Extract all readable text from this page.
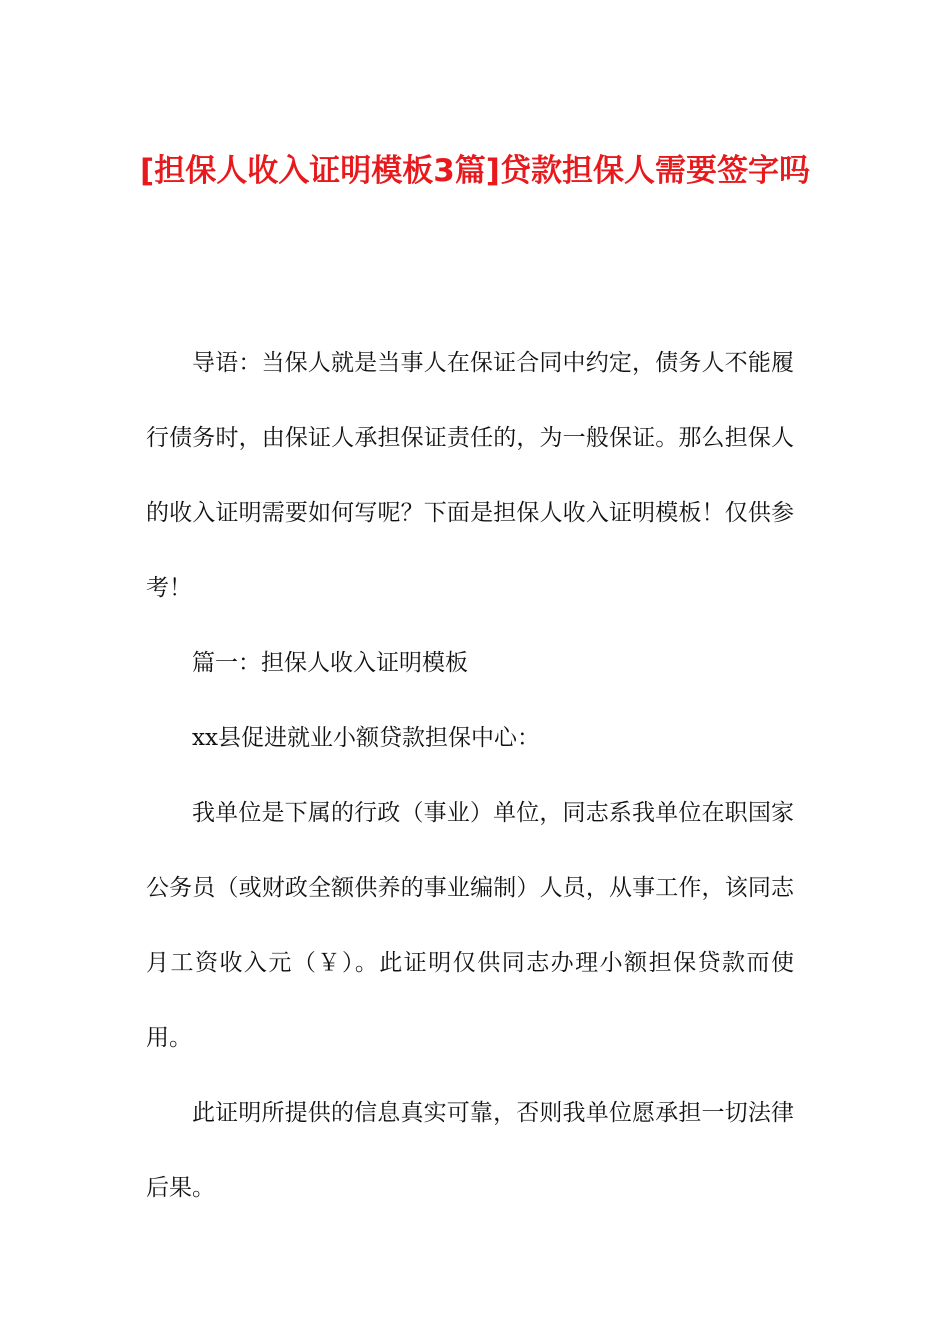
[担保人收入证明模板3篇]贷款担保人需要签字吗

导语：当保人就是当事人在保证合同中约定，债务人不能履行债务时，由保证人承担保证责任的，为一般保证。那么担保人的收入证明需要如何写呢？下面是担保人收入证明模板！仅供参考！

篇一：担保人收入证明模板

xx县促进就业小额贷款担保中心：

我单位是下属的行政（事业）单位，同志系我单位在职国家公务员（或财政全额供养的事业编制）人员，从事工作，该同志月工资收入元（￥）。此证明仅供同志办理小额担保贷款而使用。

此证明所提供的信息真实可靠，否则我单位愿承担一切法律后果。
